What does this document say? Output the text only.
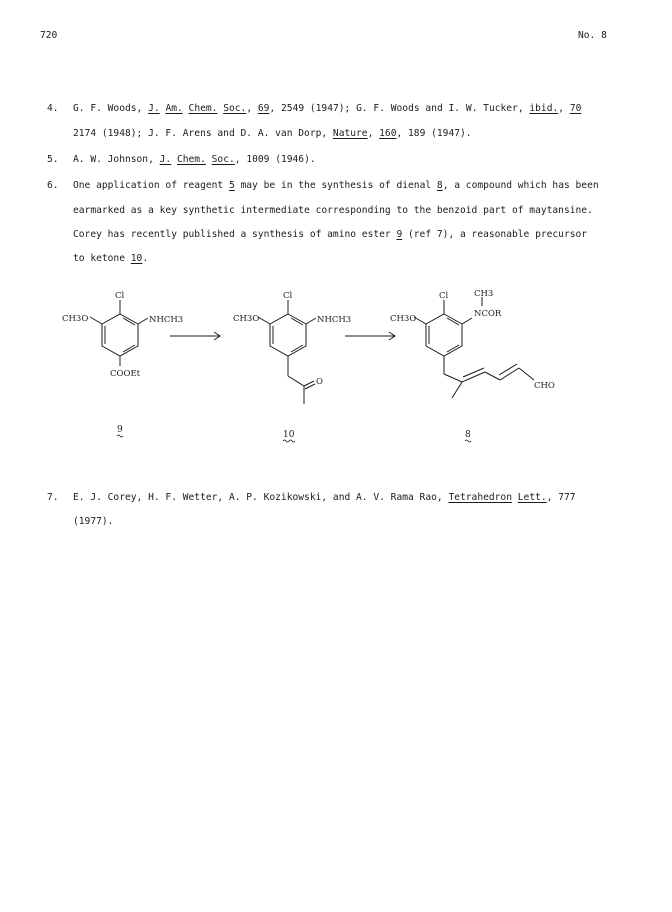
720	No. 8
4. G. F. Woods, J. Am. Chem. Soc., 69, 2549 (1947); G. F. Woods and I. W. Tucker, ibid., 70
2174 (1948); J. F. Arens and D. A. van Dorp, Nature, 160, 189 (1947).
5. A. W. Johnson, J. Chem. Soc., 1009 (1946).
6. One application of reagent 5 may be in the synthesis of dienal 8, a compound which has been
earmarked as a key synthetic intermediate corresponding to the benzoid part of maytansine.
Corey has recently published a synthesis of amino ester 9 (ref 7), a reasonable precursor
to ketone 10.
Cl
CH3O	NHCH3
COOEt
9
Cl
CH3O	NHCH3
O
10
Cl
CH3O
CH3
NCOR
CHO
8
7. E. J. Corey, H. F. Wetter, A. P. Kozikowski, and A. V. Rama Rao, Tetrahedron Lett., 777
(1977).
